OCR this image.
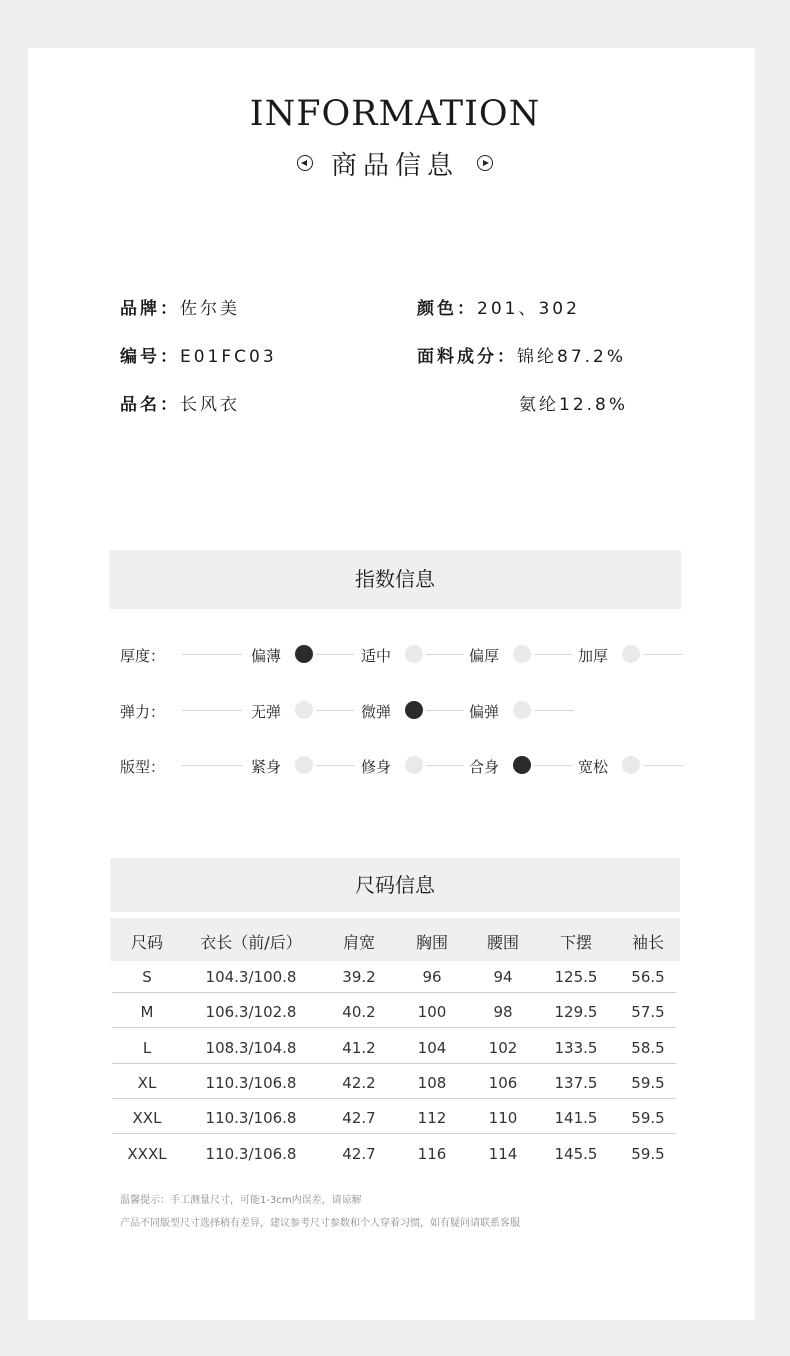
INFORMATION
商品信息
品牌：佐尔美
编号：E01FC03
品名：长风衣
颜色：201、302
面料成分：锦纶87.2%
氨纶12.8%
指数信息
厚度：	偏薄	适中	偏厚	加厚
弹力：	无弹	微弹	偏弹
版型：	紧身	修身	合身	宽松
尺码信息
尺码	衣长（前/后）	肩宽	胸围	腰围	下摆	袖长
S	104.3/100.8	39.2	96	94	125.5	56.5
M	106.3/102.8	40.2	100	98	129.5	57.5
L	108.3/104.8	41.2	104	102	133.5	58.5
XL	110.3/106.8	42.2	108	106	137.5	59.5
XXL	110.3/106.8	42.7	112	110	141.5	59.5
XXXL	110.3/106.8	42.7	116	114	145.5	59.5
温馨提示：手工测量尺寸，可能1-3cm内误差，请谅解
产品不同版型尺寸选择稍有差异，建议参考尺寸参数和个人穿着习惯，如有疑问请联系客服
